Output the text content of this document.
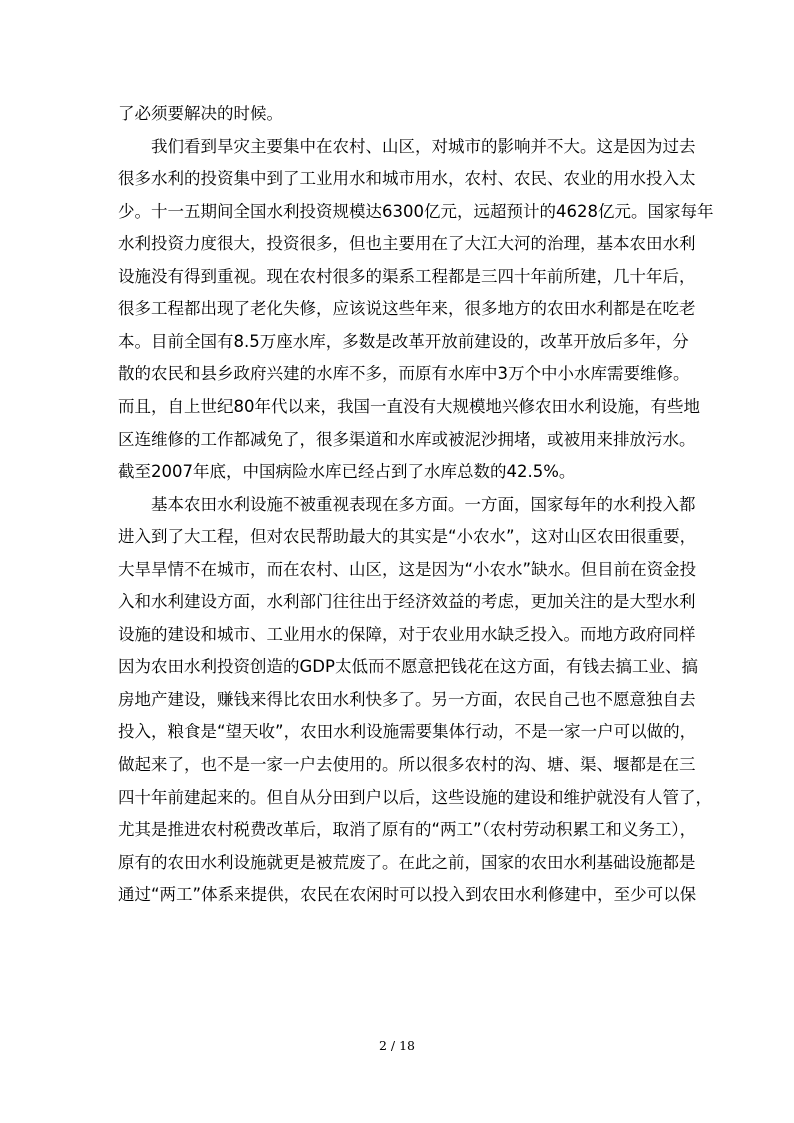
了必须要解决的时候。
我们看到旱灾主要集中在农村、山区，对城市的影响并不大。这是因为过去
很多水利的投资集中到了工业用水和城市用水，农村、农民、农业的用水投入太
少。十一五期间全国水利投资规模达6300亿元，远超预计的4628亿元。国家每年
水利投资力度很大，投资很多，但也主要用在了大江大河的治理，基本农田水利
设施没有得到重视。现在农村很多的渠系工程都是三四十年前所建，几十年后，
很多工程都出现了老化失修，应该说这些年来，很多地方的农田水利都是在吃老
本。目前全国有8.5万座水库，多数是改革开放前建设的，改革开放后多年，分
散的农民和县乡政府兴建的水库不多，而原有水库中3万个中小水库需要维修。
而且，自上世纪80年代以来，我国一直没有大规模地兴修农田水利设施，有些地
区连维修的工作都减免了，很多渠道和水库或被泥沙拥堵，或被用来排放污水。
截至2007年底，中国病险水库已经占到了水库总数的42.5%。
基本农田水利设施不被重视表现在多方面。一方面，国家每年的水利投入都
进入到了大工程，但对农民帮助最大的其实是“小农水”，这对山区农田很重要，
大旱旱情不在城市，而在农村、山区，这是因为“小农水”缺水。但目前在资金投
入和水利建设方面，水利部门往往出于经济效益的考虑，更加关注的是大型水利
设施的建设和城市、工业用水的保障，对于农业用水缺乏投入。而地方政府同样
因为农田水利投资创造的GDP太低而不愿意把钱花在这方面，有钱去搞工业、搞
房地产建设，赚钱来得比农田水利快多了。另一方面，农民自己也不愿意独自去
投入，粮食是“望天收”，农田水利设施需要集体行动，不是一家一户可以做的，
做起来了，也不是一家一户去使用的。所以很多农村的沟、塘、渠、堰都是在三
四十年前建起来的。但自从分田到户以后，这些设施的建设和维护就没有人管了，
尤其是推进农村税费改革后，取消了原有的“两工”（农村劳动积累工和义务工），
原有的农田水利设施就更是被荒废了。在此之前，国家的农田水利基础设施都是
通过“两工”体系来提供，农民在农闲时可以投入到农田水利修建中，至少可以保
2 / 18
